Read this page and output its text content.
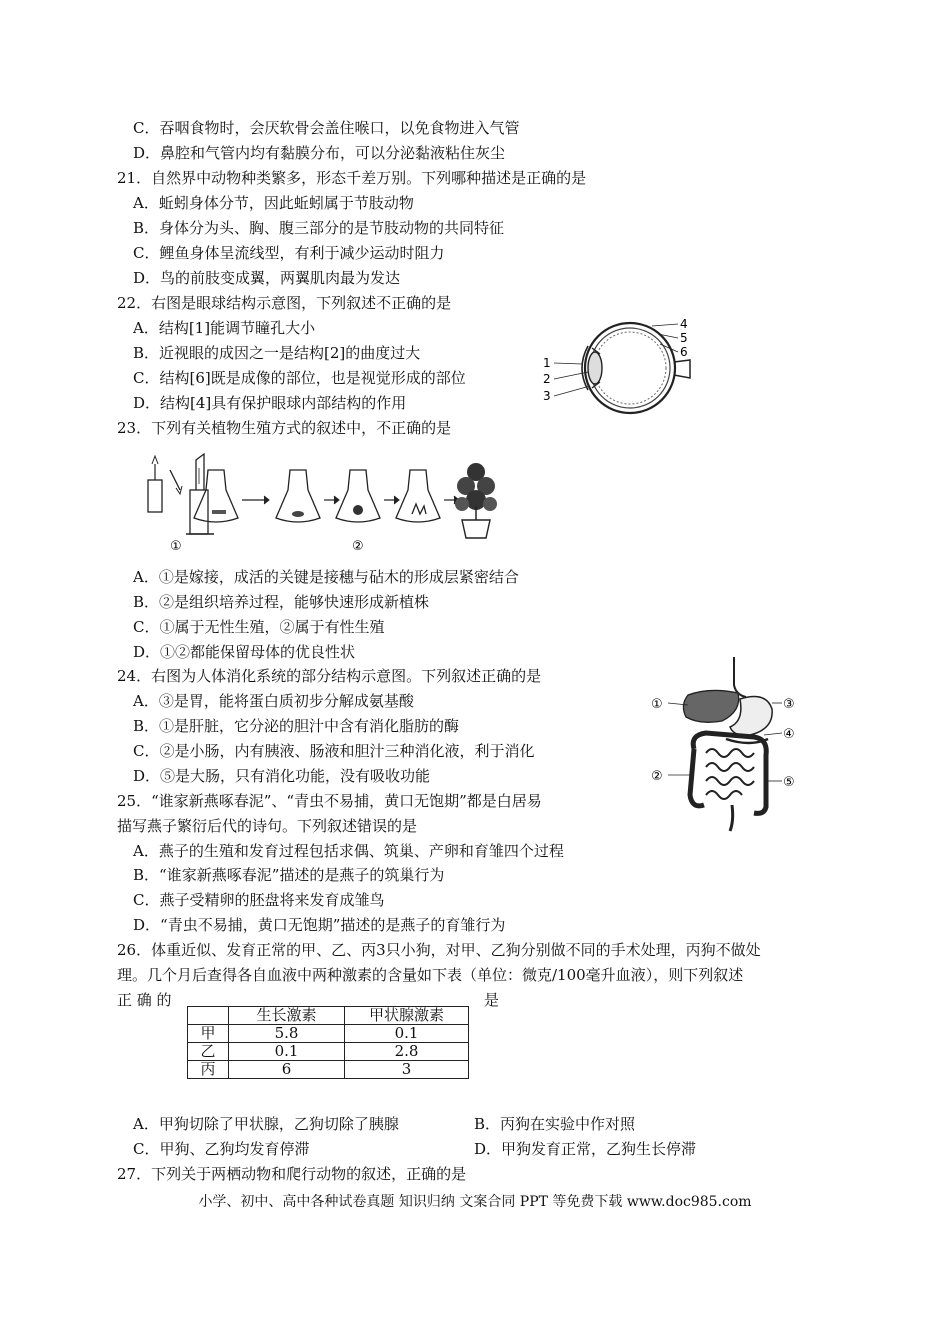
C．吞咽食物时，会厌软骨会盖住喉口，以免食物进入气管
D．鼻腔和气管内均有黏膜分布，可以分泌黏液粘住灰尘
21．自然界中动物种类繁多，形态千差万别。下列哪种描述是正确的是
A．蚯蚓身体分节，因此蚯蚓属于节肢动物
B．身体分为头、胸、腹三部分的是节肢动物的共同特征
C．鲤鱼身体呈流线型，有利于减少运动时阻力
D．鸟的前肢变成翼，两翼肌肉最为发达
22．右图是眼球结构示意图，下列叙述不正确的是
A．结构[1]能调节瞳孔大小
B．近视眼的成因之一是结构[2]的曲度过大
C．结构[6]既是成像的部位，也是视觉形成的部位
D．结构[4]具有保护眼球内部结构的作用
4
5
6
1
2
3
23．下列有关植物生殖方式的叙述中，不正确的是
①	②
A．①是嫁接，成活的关键是接穗与砧木的形成层紧密结合
B．②是组织培养过程，能够快速形成新植株
C．①属于无性生殖，②属于有性生殖
D．①②都能保留母体的优良性状
24．右图为人体消化系统的部分结构示意图。下列叙述正确的是
A．③是胃，能将蛋白质初步分解成氨基酸
B．①是肝脏，它分泌的胆汁中含有消化脂肪的酶
C．②是小肠，内有胰液、肠液和胆汁三种消化液，利于消化
D．⑤是大肠，只有消化功能，没有吸收功能
①
②
③
④
⑤
25．“谁家新燕啄春泥”、“青虫不易捕，黄口无饱期”都是白居易
描写燕子繁衍后代的诗句。下列叙述错误的是
A．燕子的生殖和发育过程包括求偶、筑巢、产卵和育雏四个过程
B．“谁家新燕啄春泥”描述的是燕子的筑巢行为
C．燕子受精卵的胚盘将来发育成雏鸟
D．“青虫不易捕，黄口无饱期”描述的是燕子的育雏行为
26．体重近似、发育正常的甲、乙、丙3只小狗，对甲、乙狗分别做不同的手术处理，丙狗不做处
理。几个月后查得各自血液中两种激素的含量如下表（单位：微克/100毫升血液），则下列叙述
正 确 的	是
	生长激素	甲状腺激素
甲	5.8	0.1
乙	0.1	2.8
丙	6	3
A．甲狗切除了甲状腺，乙狗切除了胰腺	B．丙狗在实验中作对照
C．甲狗、乙狗均发育停滞	D．甲狗发育正常，乙狗生长停滞
27．下列关于两栖动物和爬行动物的叙述，正确的是
小学、初中、高中各种试卷真题 知识归纳 文案合同 PPT 等免费下载 www.doc985.com
